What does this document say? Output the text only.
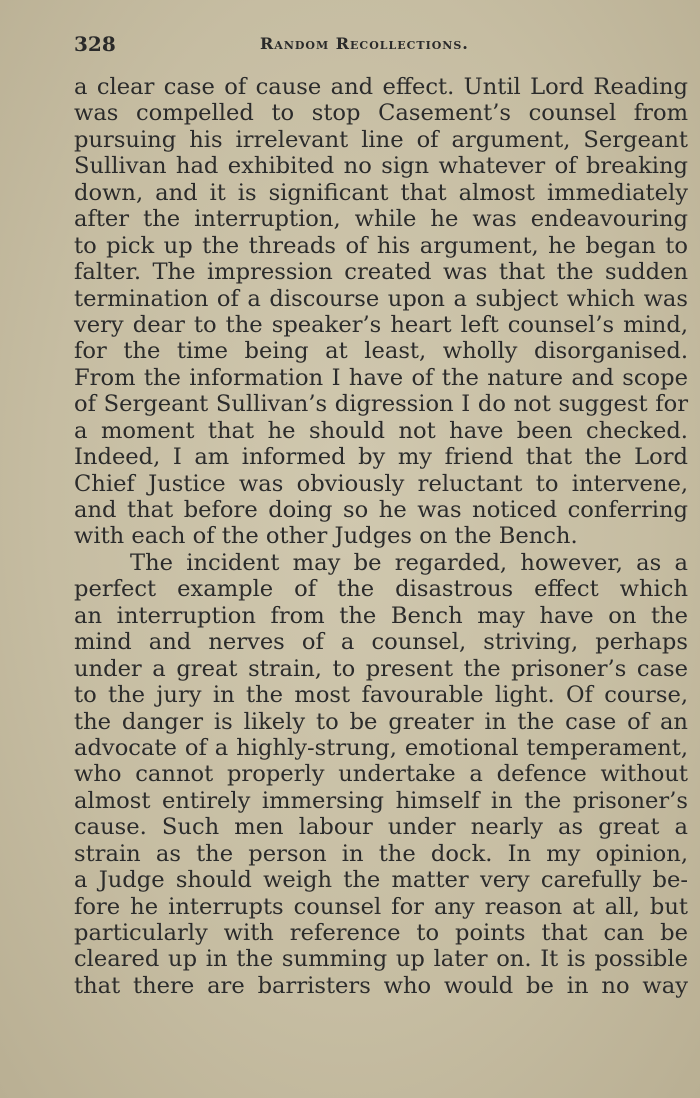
328	Random Recollections.
a clear case of cause and effect. Until Lord Reading
was compelled to stop Casement’s counsel from
pursuing his irrelevant line of argument, Sergeant
Sullivan had exhibited no sign whatever of breaking
down, and it is significant that almost immediately
after the interruption, while he was endeavouring
to pick up the threads of his argument, he began to
falter. The impression created was that the sudden
termination of a discourse upon a subject which was
very dear to the speaker’s heart left counsel’s mind,
for the time being at least, wholly disorganised.
From the information I have of the nature and scope
of Sergeant Sullivan’s digression I do not suggest for
a moment that he should not have been checked.
Indeed, I am informed by my friend that the Lord
Chief Justice was obviously reluctant to intervene,
and that before doing so he was noticed conferring
with each of the other Judges on the Bench.
The incident may be regarded, however, as a
perfect example of the disastrous effect which
an interruption from the Bench may have on the
mind and nerves of a counsel, striving, perhaps
under a great strain, to present the prisoner’s case
to the jury in the most favourable light. Of course,
the danger is likely to be greater in the case of an
advocate of a highly-strung, emotional temperament,
who cannot properly undertake a defence without
almost entirely immersing himself in the prisoner’s
cause. Such men labour under nearly as great a
strain as the person in the dock. In my opinion,
a Judge should weigh the matter very carefully be-
fore he interrupts counsel for any reason at all, but
particularly with reference to points that can be
cleared up in the summing up later on. It is possible
that there are barristers who would be in no way
